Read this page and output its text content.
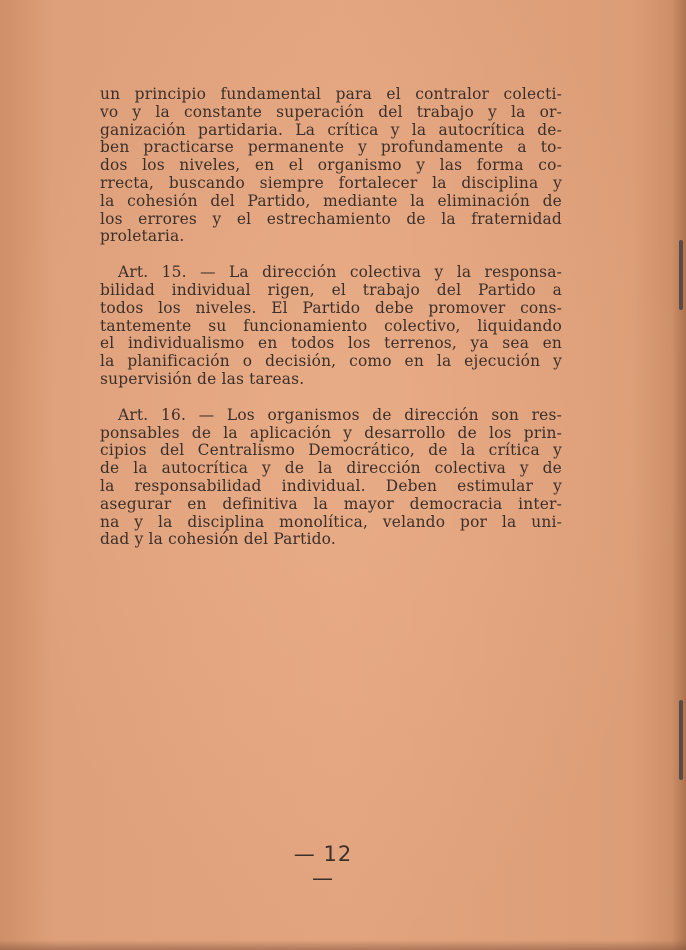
un principio fundamental para el contralor colecti-
vo y la constante superación del trabajo y la or-
ganización partidaria. La crítica y la autocrítica de-
ben practicarse permanente y profundamente a to-
dos los niveles, en el organismo y las forma co-
rrecta, buscando siempre fortalecer la disciplina y
la cohesión del Partido, mediante la eliminación de
los errores y el estrechamiento de la fraternidad
proletaria.

Art. 15. — La dirección colectiva y la responsa-
bilidad individual rigen, el trabajo del Partido a
todos los niveles. El Partido debe promover cons-
tantemente su funcionamiento colectivo, liquidando
el individualismo en todos los terrenos, ya sea en
la planificación o decisión, como en la ejecución y
supervisión de las tareas.

Art. 16. — Los organismos de dirección son res-
ponsables de la aplicación y desarrollo de los prin-
cipios del Centralismo Democrático, de la crítica y
de la autocrítica y de la dirección colectiva y de
la responsabilidad individual. Deben estimular y
asegurar en definitiva la mayor democracia inter-
na y la disciplina monolítica, velando por la uni-
dad y la cohesión del Partido.

— 12 —
